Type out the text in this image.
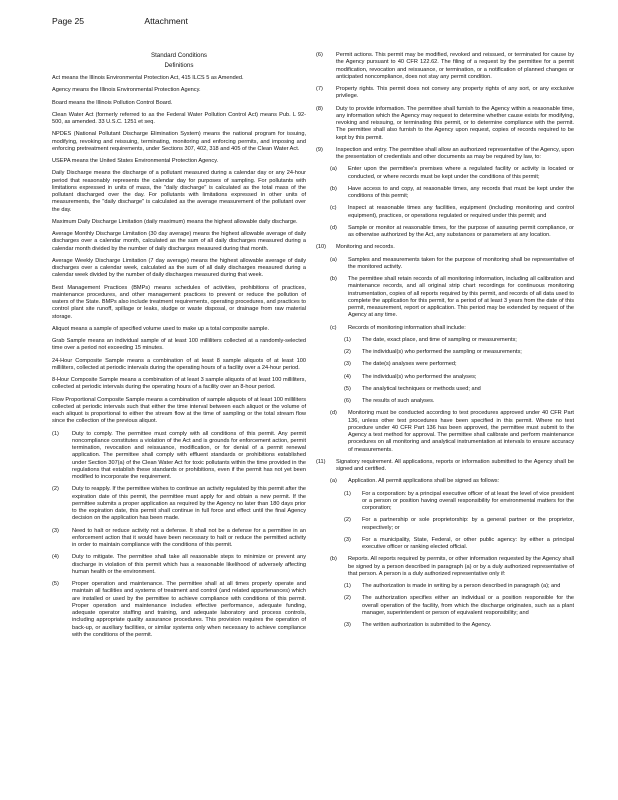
Page 25	Attachment
Standard Conditions
Definitions

Act means the Illinois Environmental Protection Act, 415 ILCS 5 as Amended.

Agency means the Illinois Environmental Protection Agency.

Board means the Illinois Pollution Control Board.

Clean Water Act (formerly referred to as the Federal Water Pollution Control Act) means Pub. L 92-500, as amended. 33 U.S.C. 1251 et seq.

NPDES (National Pollutant Discharge Elimination System) means the national program for issuing, modifying, revoking and reissuing, terminating, monitoring and enforcing permits, and imposing and enforcing pretreatment requirements, under Sections 307, 402, 318 and 405 of the Clean Water Act.

USEPA means the United States Environmental Protection Agency.

Daily Discharge means the discharge of a pollutant measured during a calendar day or any 24-hour period that reasonably represents the calendar day for purposes of sampling. For pollutants with limitations expressed in units of mass, the "daily discharge" is calculated as the total mass of the pollutant discharged over the day. For pollutants with limitations expressed in other units of measurements, the "daily discharge" is calculated as the average measurement of the pollutant over the day.

Maximum Daily Discharge Limitation (daily maximum) means the highest allowable daily discharge.

Average Monthly Discharge Limitation (30 day average) means the highest allowable average of daily discharges over a calendar month, calculated as the sum of all daily discharges measured during a calendar month divided by the number of daily discharges measured during that month.

Average Weekly Discharge Limitation (7 day average) means the highest allowable average of daily discharges over a calendar week, calculated as the sum of all daily discharges measured during a calendar week divided by the number of daily discharges measured during that week.

Best Management Practices (BMPs) means schedules of activities, prohibitions of practices, maintenance procedures, and other management practices to prevent or reduce the pollution of waters of the State. BMPs also include treatment requirements, operating procedures, and practices to control plant site runoff, spillage or leaks, sludge or waste disposal, or drainage from raw material storage.

Aliquot means a sample of specified volume used to make up a total composite sample.

Grab Sample means an individual sample of at least 100 milliliters collected at a randomly-selected time over a period not exceeding 15 minutes.

24-Hour Composite Sample means a combination of at least 8 sample aliquots of at least 100 milliliters, collected at periodic intervals during the operating hours of a facility over a 24-hour period.

8-Hour Composite Sample means a combination of at least 3 sample aliquots of at least 100 milliliters, collected at periodic intervals during the operating hours of a facility over an 8-hour period.

Flow Proportional Composite Sample means a combination of sample aliquots of at least 100 milliliters collected at periodic intervals such that either the time interval between each aliquot or the volume of each aliquot is proportional to either the stream flow at the time of sampling or the total stream flow since the collection of the previous aliquot.

(1)	Duty to comply. The permittee must comply with all conditions of this permit. Any permit noncompliance constitutes a violation of the Act and is grounds for enforcement action, permit termination, revocation and reissuance, modification, or for denial of a permit renewal application. The permittee shall comply with effluent standards or prohibitions established under Section 307(a) of the Clean Water Act for toxic pollutants within the time provided in the regulations that establish these standards or prohibitions, even if the permit has not yet been modified to incorporate the requirement.
(2)	Duty to reapply. If the permittee wishes to continue an activity regulated by this permit after the expiration date of this permit, the permittee must apply for and obtain a new permit. If the permittee submits a proper application as required by the Agency no later than 180 days prior to the expiration date, this permit shall continue in full force and effect until the final Agency decision on the application has been made.
(3)	Need to halt or reduce activity not a defense. It shall not be a defense for a permittee in an enforcement action that it would have been necessary to halt or reduce the permitted activity in order to maintain compliance with the conditions of this permit.
(4)	Duty to mitigate. The permittee shall take all reasonable steps to minimize or prevent any discharge in violation of this permit which has a reasonable likelihood of adversely affecting human health or the environment.
(5)	Proper operation and maintenance. The permittee shall at all times properly operate and maintain all facilities and systems of treatment and control (and related appurtenances) which are installed or used by the permittee to achieve compliance with conditions of this permit. Proper operation and maintenance includes effective performance, adequate funding, adequate operator staffing and training, and adequate laboratory and process controls, including appropriate quality assurance procedures. This provision requires the operation of back-up, or auxiliary facilities, or similar systems only when necessary to achieve compliance with the conditions of the permit.
(6)	Permit actions. This permit may be modified, revoked and reissued, or terminated for cause by the Agency pursuant to 40 CFR 122.62. The filing of a request by the permittee for a permit modification, revocation and reissuance, or termination, or a notification of planned changes or anticipated noncompliance, does not stay any permit condition.
(7)	Property rights. This permit does not convey any property rights of any sort, or any exclusive privilege.
(8)	Duty to provide information. The permittee shall furnish to the Agency within a reasonable time, any information which the Agency may request to determine whether cause exists for modifying, revoking and reissuing, or terminating this permit, or to determine compliance with the permit. The permittee shall also furnish to the Agency upon request, copies of records required to be kept by this permit.
(9)	Inspection and entry. The permittee shall allow an authorized representative of the Agency, upon the presentation of credentials and other documents as may be required by law, to:
(a)	Enter upon the permittee's premises where a regulated facility or activity is located or conducted, or where records must be kept under the conditions of this permit;
(b)	Have access to and copy, at reasonable times, any records that must be kept under the conditions of this permit;
(c)	Inspect at reasonable times any facilities, equipment (including monitoring and control equipment), practices, or operations regulated or required under this permit; and
(d)	Sample or monitor at reasonable times, for the purpose of assuring permit compliance, or as otherwise authorized by the Act, any substances or parameters at any location.
(10)	Monitoring and records.
(a)	Samples and measurements taken for the purpose of monitoring shall be representative of the monitored activity.
(b)	The permittee shall retain records of all monitoring information, including all calibration and maintenance records, and all original strip chart recordings for continuous monitoring instrumentation, copies of all reports required by this permit, and records of all data used to complete the application for this permit, for a period of at least 3 years from the date of this permit, measurement, report or application. This period may be extended by request of the Agency at any time.
(c)	Records of monitoring information shall include:
(1)	The date, exact place, and time of sampling or measurements;
(2)	The individual(s) who performed the sampling or measurements;
(3)	The date(s) analyses were performed;
(4)	The individual(s) who performed the analyses;
(5)	The analytical techniques or methods used; and
(6)	The results of such analyses.
(d)	Monitoring must be conducted according to test procedures approved under 40 CFR Part 136, unless other test procedures have been specified in this permit. Where no test procedure under 40 CFR Part 136 has been approved, the permittee must submit to the Agency a test method for approval. The permittee shall calibrate and perform maintenance procedures on all monitoring and analytical instrumentation at intervals to ensure accuracy of measurements.
(11)	Signatory requirement. All applications, reports or information submitted to the Agency shall be signed and certified.
(a)	Application. All permit applications shall be signed as follows:
(1)	For a corporation: by a principal executive officer of at least the level of vice president or a person or position having overall responsibility for environmental matters for the corporation;
(2)	For a partnership or sole proprietorship: by a general partner or the proprietor, respectively; or
(3)	For a municipality, State, Federal, or other public agency: by either a principal executive officer or ranking elected official.
(b)	Reports. All reports required by permits, or other information requested by the Agency shall be signed by a person described in paragraph (a) or by a duly authorized representative of that person. A person is a duly authorized representative only if:
(1)	The authorization is made in writing by a person described in paragraph (a); and
(2)	The authorization specifies either an individual or a position responsible for the overall operation of the facility, from which the discharge originates, such as a plant manager, superintendent or person of equivalent responsibility; and
(3)	The written authorization is submitted to the Agency.
